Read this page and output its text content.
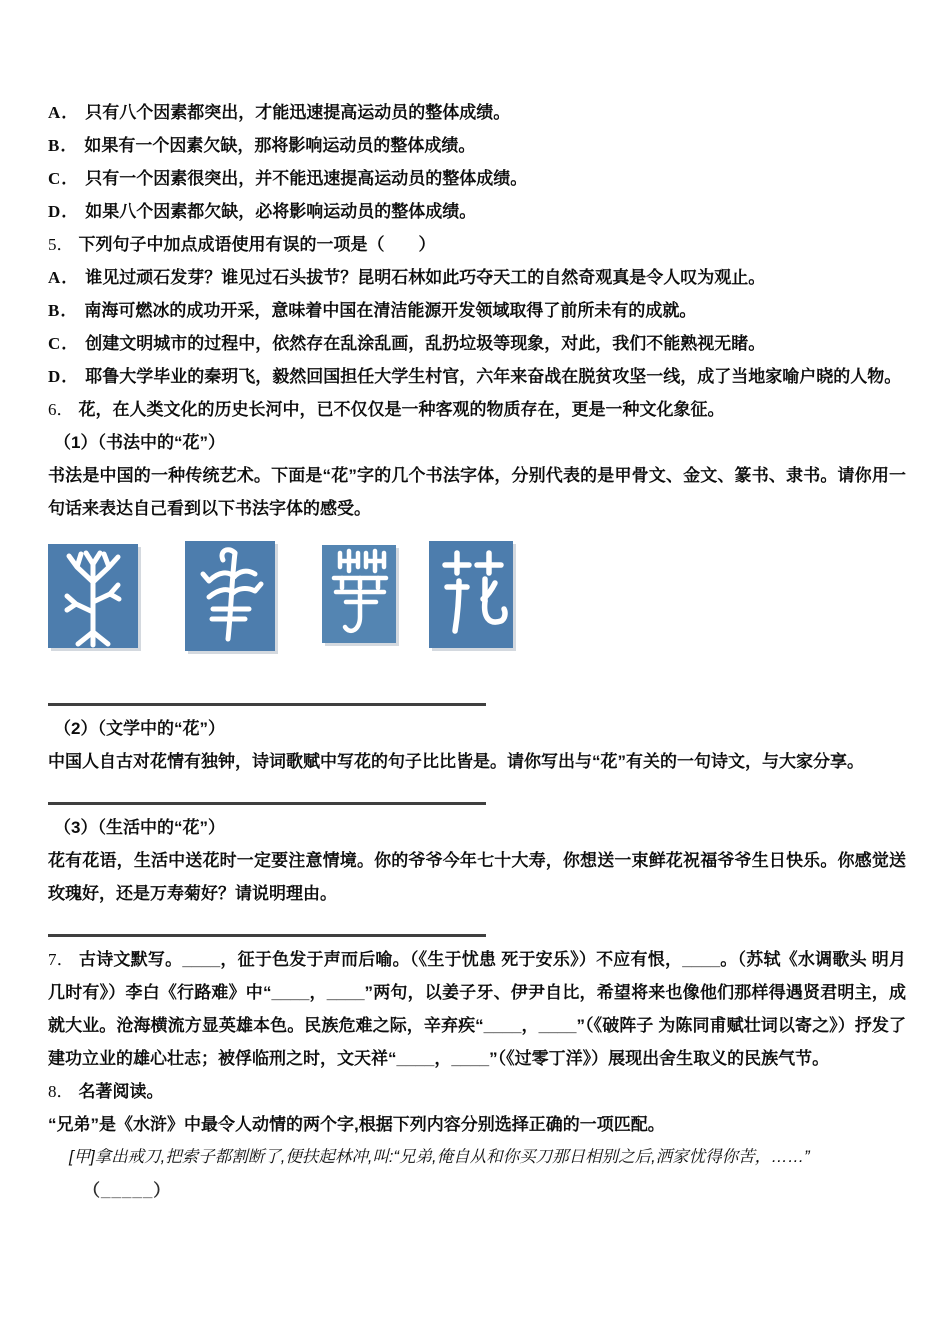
A． 只有八个因素都突出，才能迅速提高运动员的整体成绩。

B． 如果有一个因素欠缺，那将影响运动员的整体成绩。

C． 只有一个因素很突出，并不能迅速提高运动员的整体成绩。

D． 如果八个因素都欠缺，必将影响运动员的整体成绩。

5． 下列句子中加点成语使用有误的一项是（　　）

A． 谁见过顽石发芽？谁见过石头拔节？昆明石林如此巧夺天工的自然奇观真是令人叹为观止。

B． 南海可燃冰的成功开采，意味着中国在清洁能源开发领域取得了前所未有的成就。

C． 创建文明城市的过程中，依然存在乱涂乱画，乱扔垃圾等现象，对此，我们不能熟视无睹。

D． 耶鲁大学毕业的秦玥飞，毅然回国担任大学生村官，六年来奋战在脱贫攻坚一线，成了当地家喻户晓的人物。

6． 花，在人类文化的历史长河中，已不仅仅是一种客观的物质存在，更是一种文化象征。

（1）（书法中的“花”）

书法是中国的一种传统艺术。下面是“花”字的几个书法字体，分别代表的是甲骨文、金文、篆书、隶书。请你用一句话来表达自己看到以下书法字体的感受。

（2）（文学中的“花”）

中国人自古对花情有独钟，诗词歌赋中写花的句子比比皆是。请你写出与“花”有关的一句诗文，与大家分享。

（3）（生活中的“花”）

花有花语，生活中送花时一定要注意情境。你的爷爷今年七十大寿，你想送一束鲜花祝福爷爷生日快乐。你感觉送玫瑰好，还是万寿菊好？请说明理由。

7． 古诗文默写。____，征于色发于声而后喻。（《生于忧患 死于安乐》）不应有恨，____。（苏轼《水调歌头 明月几时有》）李白《行路难》中“____，____”两句，以姜子牙、伊尹自比，希望将来也像他们那样得遇贤君明主，成就大业。沧海横流方显英雄本色。民族危难之际，辛弃疾“____，____”（《破阵子 为陈同甫赋壮词以寄之》）抒发了建功立业的雄心壮志；被俘临刑之时，文天祥“____，____”（《过零丁洋》）展现出舍生取义的民族气节。

8． 名著阅读。

“兄弟”是《水浒》中最令人动情的两个字,根据下列内容分别选择正确的一项匹配。

[甲]拿出戒刀,把索子都割断了,便扶起林冲,叫:“兄弟,俺自从和你买刀那日相别之后,洒家忧得你苦，……”

（_____）
